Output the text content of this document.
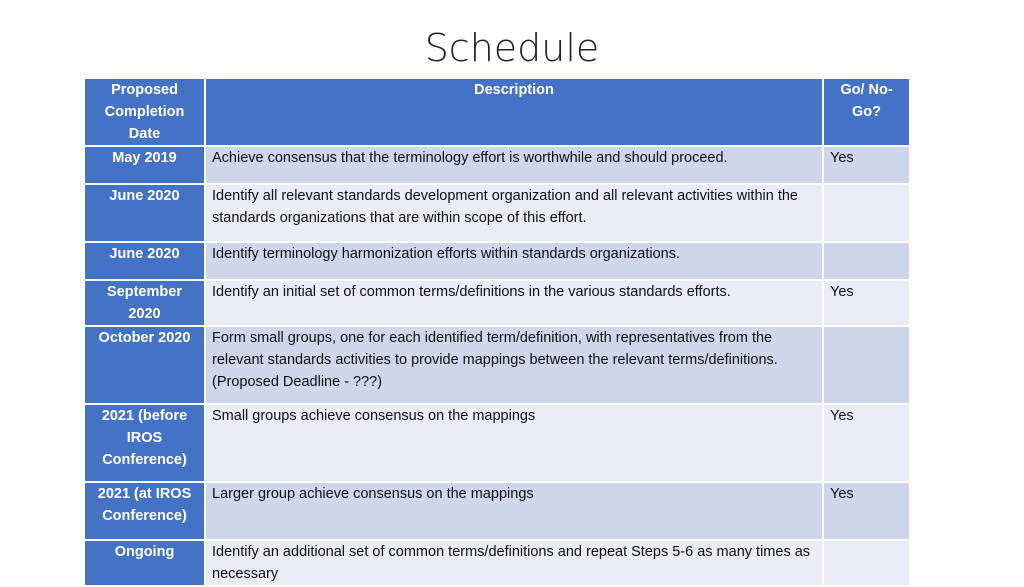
Schedule
Proposed Completion Date	Description	Go/ No-Go?
May 2019	Achieve consensus that the terminology effort is worthwhile and should proceed.	Yes
June 2020	Identify all relevant standards development organization and all relevant activities within the standards organizations that are within scope of this effort.	
June 2020	Identify terminology harmonization efforts within standards organizations.	
September 2020	Identify an initial set of common terms/definitions in the various standards efforts.	Yes
October 2020	Form small groups, one for each identified term/definition, with representatives from the relevant standards activities to provide mappings between the relevant terms/definitions. (Proposed Deadline - ???)	
2021 (before IROS Conference)	Small groups achieve consensus on the mappings	Yes
2021 (at IROS Conference)	Larger group achieve consensus on the mappings	Yes
Ongoing	Identify an additional set of common terms/definitions and repeat Steps 5-6 as many times as necessary	
